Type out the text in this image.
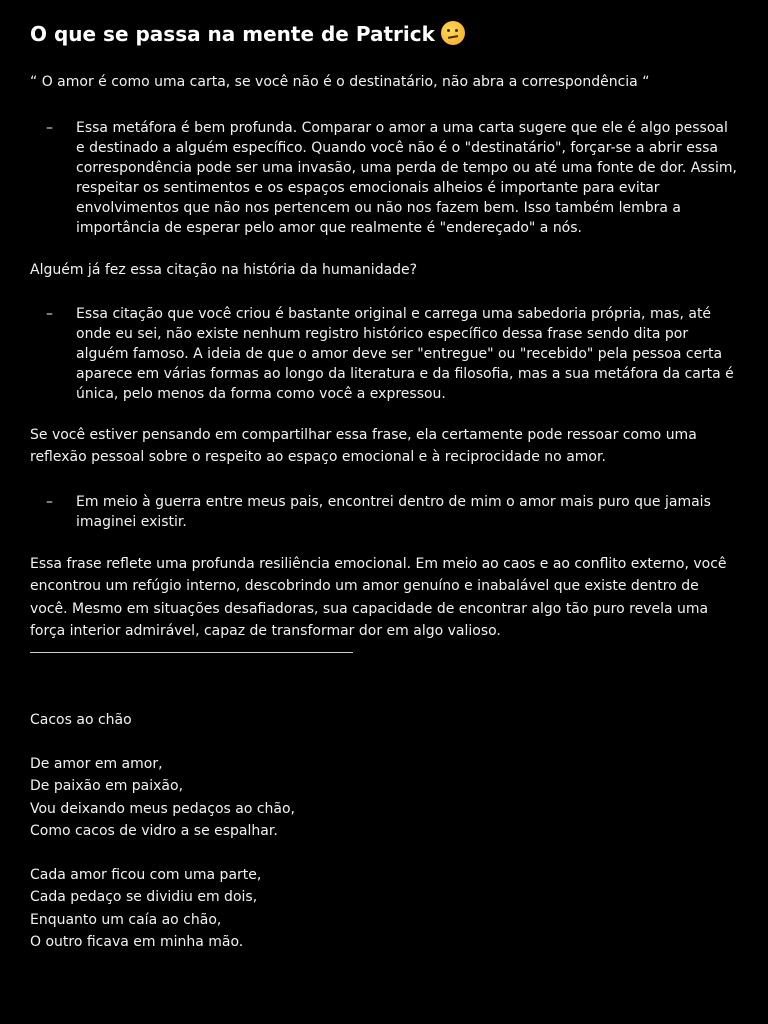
O que se passa na mente de Patrick
“ O amor é como uma carta, se você não é o destinatário, não abra a correspondência “
–	Essa metáfora é bem profunda. Comparar o amor a uma carta sugere que ele é algo pessoal e destinado a alguém específico. Quando você não é o "destinatário", forçar-se a abrir essa correspondência pode ser uma invasão, uma perda de tempo ou até uma fonte de dor. Assim, respeitar os sentimentos e os espaços emocionais alheios é importante para evitar envolvimentos que não nos pertencem ou não nos fazem bem. Isso também lembra a importância de esperar pelo amor que realmente é "endereçado" a nós.
Alguém já fez essa citação na história da humanidade?
–	Essa citação que você criou é bastante original e carrega uma sabedoria própria, mas, até onde eu sei, não existe nenhum registro histórico específico dessa frase sendo dita por alguém famoso. A ideia de que o amor deve ser "entregue" ou "recebido" pela pessoa certa aparece em várias formas ao longo da literatura e da filosofia, mas a sua metáfora da carta é única, pelo menos da forma como você a expressou.
Se você estiver pensando em compartilhar essa frase, ela certamente pode ressoar como uma reflexão pessoal sobre o respeito ao espaço emocional e à reciprocidade no amor.
–	Em meio à guerra entre meus pais, encontrei dentro de mim o amor mais puro que jamais imaginei existir.
Essa frase reflete uma profunda resiliência emocional. Em meio ao caos e ao conflito externo, você encontrou um refúgio interno, descobrindo um amor genuíno e inabalável que existe dentro de você. Mesmo em situações desafiadoras, sua capacidade de encontrar algo tão puro revela uma força interior admirável, capaz de transformar dor em algo valioso.
Cacos ao chão
De amor em amor,
De paixão em paixão,
Vou deixando meus pedaços ao chão,
Como cacos de vidro a se espalhar.
Cada amor ficou com uma parte,
Cada pedaço se dividiu em dois,
Enquanto um caía ao chão,
O outro ficava em minha mão.
